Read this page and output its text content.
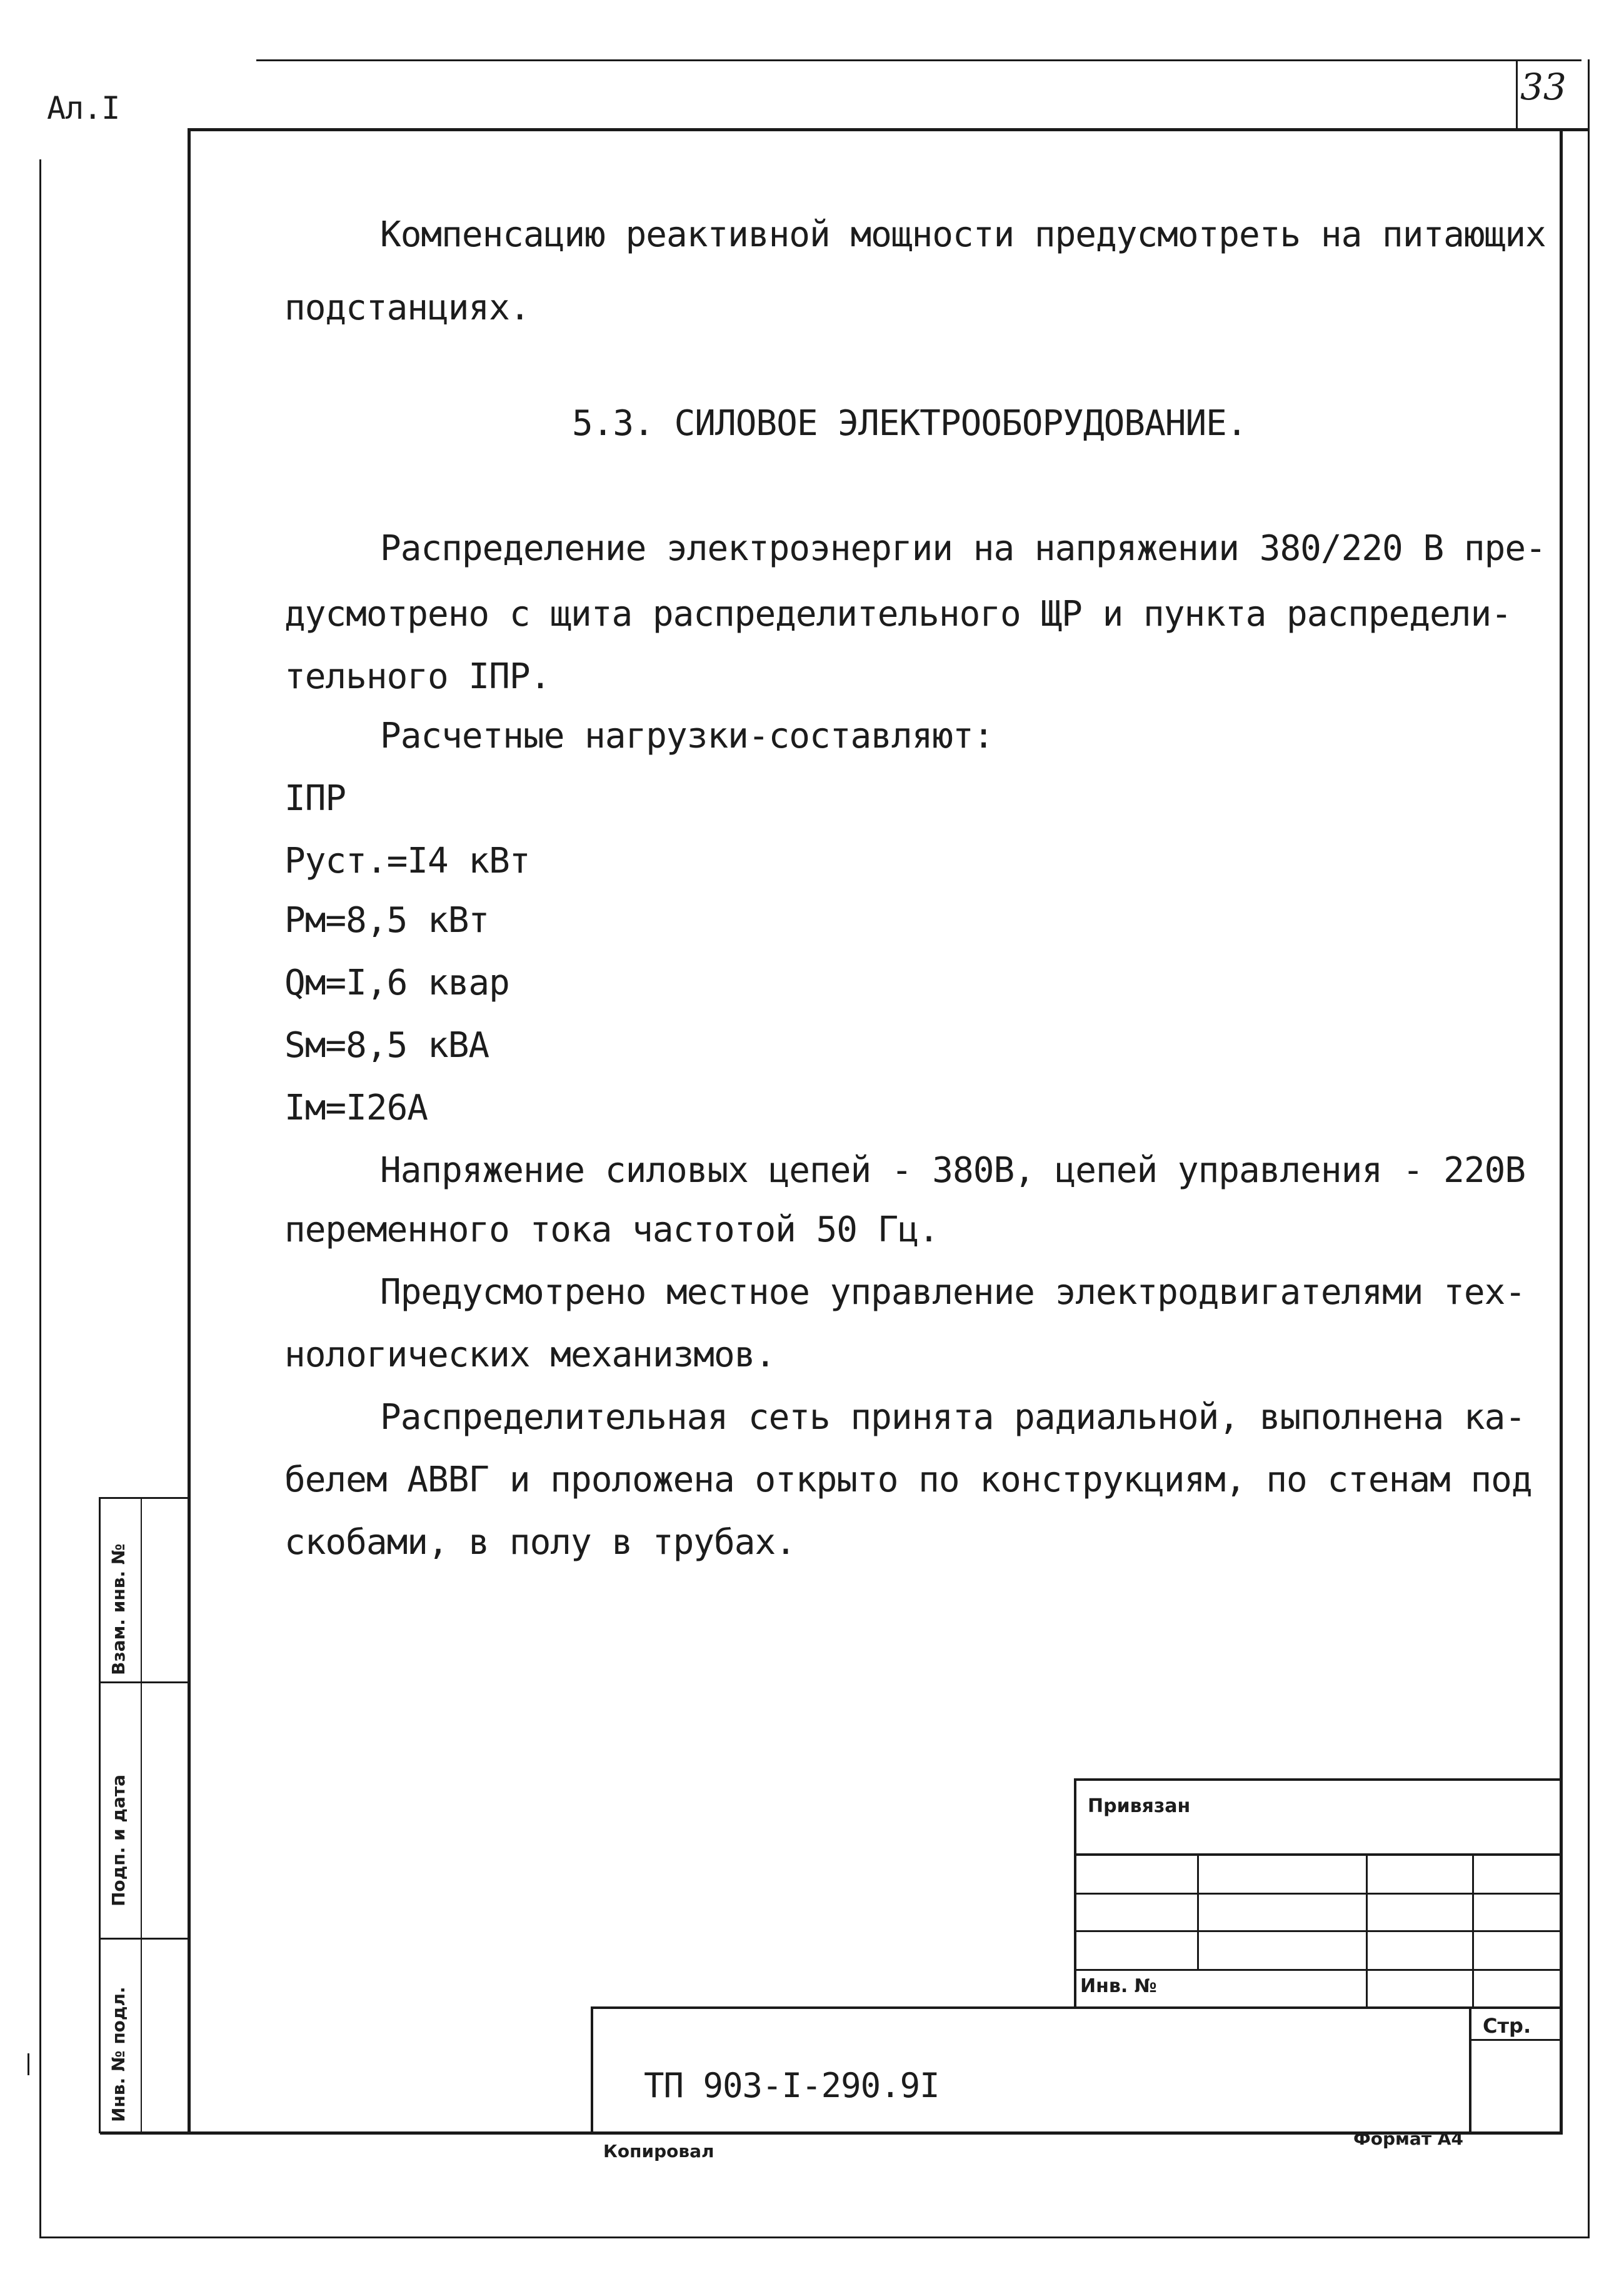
33
Ал.I
Взам. инв. №
Подп. и дата
Инв. № подл.
Компенсацию реактивной мощности предусмотреть на питающих
подстанциях.
5.3. СИЛОВОЕ ЭЛЕКТРООБОРУДОВАНИЕ.
Распределение электроэнергии на напряжении 380/220 В пре-
дусмотрено с щита распределительного ЩР и пункта распредели-
тельного IПР.
Расчетные нагрузки-составляют:
IПР
Руст.=I4 кВт
Рм=8,5 кВт
Qм=I,6 квар
Sм=8,5 кВА
Iм=I26А
Напряжение силовых цепей - 380В, цепей управления - 220В
переменного тока частотой 50 Гц.
Предусмотрено местное управление электродвигателями тех-
нологических механизмов.
Распределительная сеть принята радиальной, выполнена ка-
белем АВВГ и проложена открыто по конструкциям, по стенам под
скобами, в полу в трубах.
Привязан
Инв. №
Стр.
ТП 903-I-290.9I
Копировал
Формат А4
